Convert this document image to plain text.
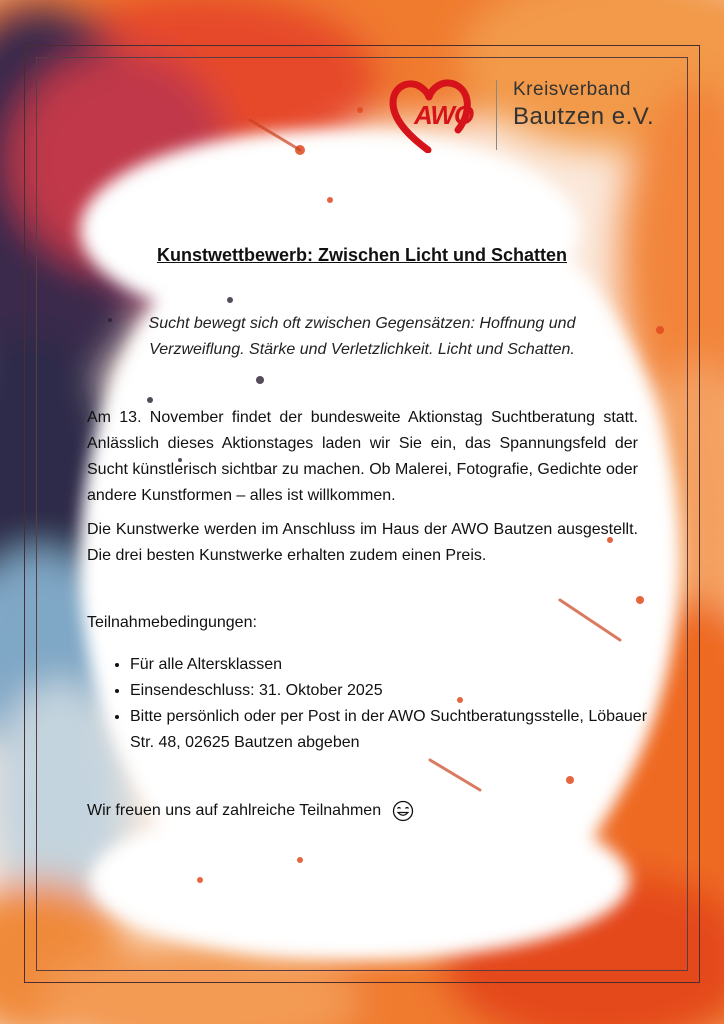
AWO
Kreisverband
Bautzen e.V.
Kunstwettbewerb: Zwischen Licht und Schatten
Sucht bewegt sich oft zwischen Gegensätzen: Hoffnung und Verzweiflung. Stärke und Verletzlichkeit. Licht und Schatten.
Am 13. November findet der bundesweite Aktionstag Suchtberatung statt. Anlässlich dieses Aktionstages laden wir Sie ein, das Spannungsfeld der Sucht künstlerisch sichtbar zu machen. Ob Malerei, Fotografie, Gedichte oder andere Kunstformen – alles ist willkommen.
Die Kunstwerke werden im Anschluss im Haus der AWO Bautzen ausgestellt. Die drei besten Kunstwerke erhalten zudem einen Preis.
Teilnahmebedingungen:
• Für alle Altersklassen
• Einsendeschluss: 31. Oktober 2025
• Bitte persönlich oder per Post in der AWO Suchtberatungsstelle, Löbauer Str. 48, 02625 Bautzen abgeben
Wir freuen uns auf zahlreiche Teilnahmen
